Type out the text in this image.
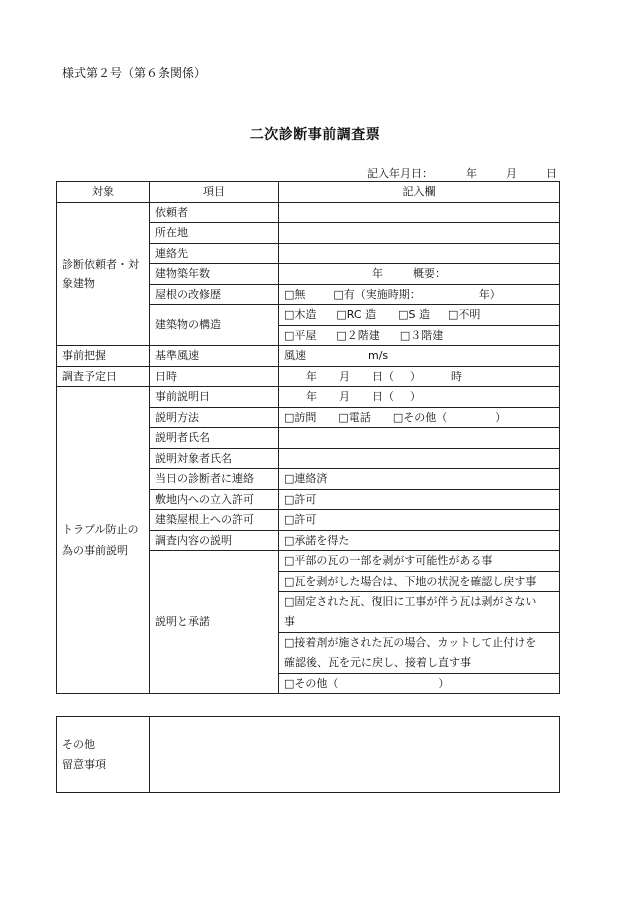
様式第２号（第６条関係）
二次診断事前調査票
記入年月日：	年	月	日
対象	項目	記入欄
診断依頼者・対象建物	依頼者	
	所在地	
	連絡先	
	建物築年数	年 概要：
	屋根の改修歴	□無 □有（実施時期： 年）
	建築物の構造	□木造 □RC 造 □S 造 □不明
		□平屋 □２階建 □３階建
事前把握	基準風速	風速 m/s
調査予定日	日時	年 月 日（ ） 時
トラブル防止の為の事前説明	事前説明日	年 月 日（ ）
	説明方法	□訪問 □電話 □その他（ ）
	説明者氏名	
	説明対象者氏名	
	当日の診断者に連絡	□連絡済
	敷地内への立入許可	□許可
	建築屋根上への許可	□許可
	調査内容の説明	□承諾を得た
	説明と承諾	□平部の瓦の一部を剥がす可能性がある事
		□瓦を剥がした場合は、下地の状況を確認し戻す事
		□固定された瓦、復旧に工事が伴う瓦は剥がさない
事
		□接着剤が施された瓦の場合、カットして止付けを
確認後、瓦を元に戻し、接着し直す事
		□その他（ ）
その他
留意事項	
